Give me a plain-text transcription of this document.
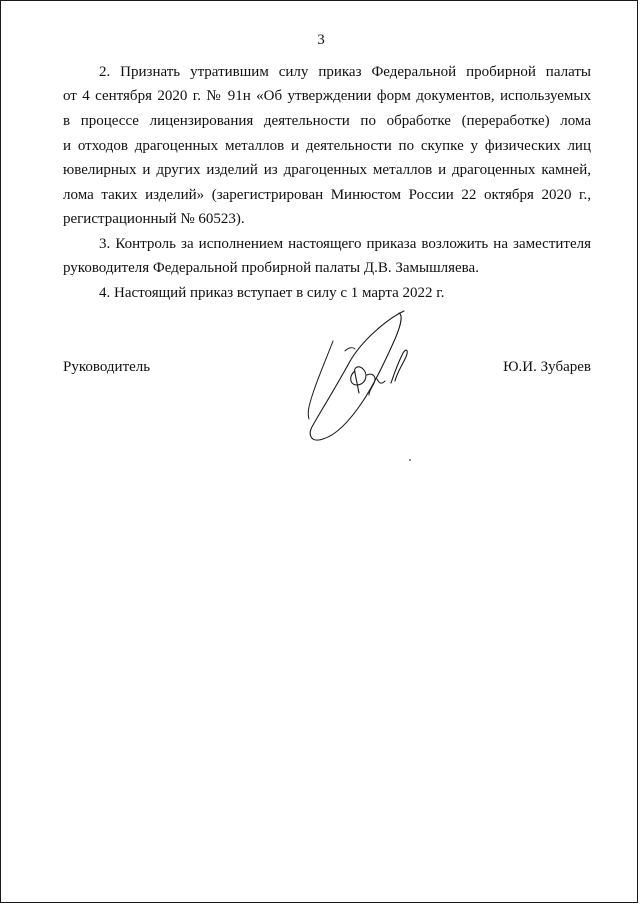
3
2. Признать утратившим силу приказ Федеральной пробирной палаты
от 4 сентября 2020 г. № 91н «Об утверждении форм документов, используемых
в процессе лицензирования деятельности по обработке (переработке) лома
и отходов драгоценных металлов и деятельности по скупке у физических лиц
ювелирных и других изделий из драгоценных металлов и драгоценных камней,
лома таких изделий» (зарегистрирован Минюстом России 22 октября 2020 г.,
регистрационный № 60523).
3. Контроль за исполнением настоящего приказа возложить на заместителя
руководителя Федеральной пробирной палаты Д.В. Замышляева.
4. Настоящий приказ вступает в силу с 1 марта 2022 г.
Руководитель	Ю.И. Зубарев
